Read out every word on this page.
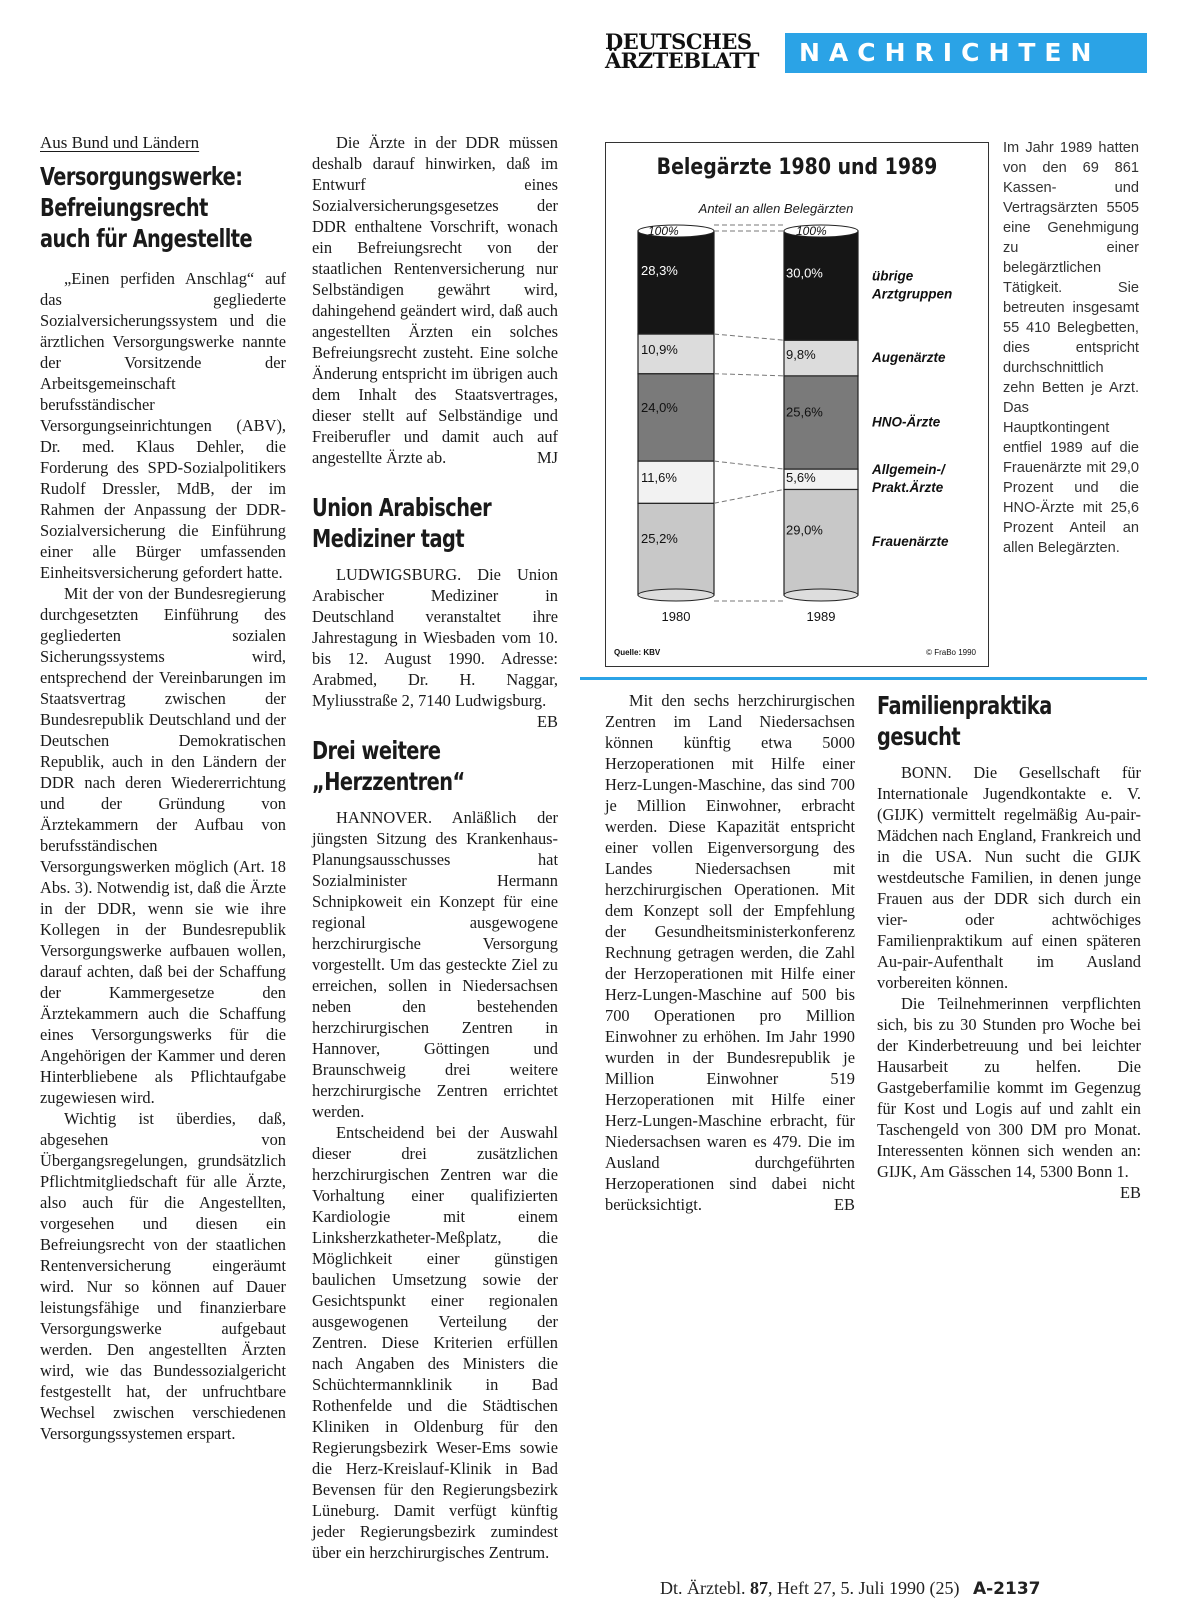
DEUTSCHES
ÄRZTEBLATT	NACHRICHTEN
Aus Bund und Ländern
Versorgungswerke:
Befreiungsrecht
auch für Angestellte

„Einen perfiden Anschlag“ auf das gegliederte Sozialversicherungssystem und die ärztlichen Versorgungswerke nannte der Vorsitzende der Arbeitsgemeinschaft berufsständischer Versorgungseinrichtungen (ABV), Dr. med. Klaus Dehler, die Forderung des SPD-Sozialpolitikers Rudolf Dressler, MdB, der im Rahmen der Anpassung der DDR-Sozialversicherung die Einführung einer alle Bürger umfassenden Einheitsversicherung gefordert hatte.

Mit der von der Bundesregierung durchgesetzten Einführung des gegliederten sozialen Sicherungssystems wird, entsprechend der Vereinbarungen im Staatsvertrag zwischen der Bundesrepublik Deutschland und der Deutschen Demokratischen Republik, auch in den Ländern der DDR nach deren Wiedererrichtung und der Gründung von Ärztekammern der Aufbau von berufsständischen Versorgungswerken möglich (Art. 18 Abs. 3). Notwendig ist, daß die Ärzte in der DDR, wenn sie wie ihre Kollegen in der Bundesrepublik Versorgungswerke aufbauen wollen, darauf achten, daß bei der Schaffung der Kammergesetze den Ärztekammern auch die Schaffung eines Versorgungswerks für die Angehörigen der Kammer und deren Hinterbliebene als Pflichtaufgabe zugewiesen wird.

Wichtig ist überdies, daß, abgesehen von Übergangsregelungen, grundsätzlich Pflichtmitgliedschaft für alle Ärzte, also auch für die Angestellten, vorgesehen und diesen ein Befreiungsrecht von der staatlichen Rentenversicherung eingeräumt wird. Nur so können auf Dauer leistungsfähige und finanzierbare Versorgungswerke aufgebaut werden. Den angestellten Ärzten wird, wie das Bundessozialgericht festgestellt hat, der unfruchtbare Wechsel zwischen verschiedenen Versorgungssystemen erspart.

Die Ärzte in der DDR müssen deshalb darauf hinwirken, daß im Entwurf eines Sozialversicherungsgesetzes der DDR enthaltene Vorschrift, wonach ein Befreiungsrecht von der staatlichen Rentenversicherung nur Selbständigen gewährt wird, dahingehend geändert wird, daß auch angestellten Ärzten ein solches Befreiungsrecht zusteht. Eine solche Änderung entspricht im übrigen auch dem Inhalt des Staatsvertrages, dieser stellt auf Selbständige und Freiberufler und damit auch auf angestellte Ärzte ab.	MJ

Union Arabischer
Mediziner tagt

LUDWIGSBURG. Die Union Arabischer Mediziner in Deutschland veranstaltet ihre Jahrestagung in Wiesbaden vom 10. bis 12. August 1990. Adresse: Arabmed, Dr. H. Naggar, Myliusstraße 2, 7140 Ludwigsburg.
EB

Drei weitere
„Herzzentren“

HANNOVER. Anläßlich der jüngsten Sitzung des Krankenhaus-Planungsausschusses hat Sozialminister Hermann Schnipkoweit ein Konzept für eine regional ausgewogene herzchirurgische Versorgung vorgestellt. Um das gesteckte Ziel zu erreichen, sollen in Niedersachsen neben den bestehenden herzchirurgischen Zentren in Hannover, Göttingen und Braunschweig drei weitere herzchirurgische Zentren errichtet werden.

Entscheidend bei der Auswahl dieser drei zusätzlichen herzchirurgischen Zentren war die Vorhaltung einer qualifizierten Kardiologie mit einem Linksherzkatheter-Meßplatz, die Möglichkeit einer günstigen baulichen Umsetzung sowie der Gesichtspunkt einer regionalen ausgewogenen Verteilung der Zentren. Diese Kriterien erfüllen nach Angaben des Ministers die Schüchtermannklinik in Bad Rothenfelde und die Städtischen Kliniken in Oldenburg für den Regierungsbezirk Weser-Ems sowie die Herz-Kreislauf-Klinik in Bad Bevensen für den Regierungsbezirk Lüneburg. Damit verfügt künftig jeder Regierungsbezirk zumindest über ein herzchirurgisches Zentrum.

Belegärzte 1980 und 1989
Anteil an allen Belegärzten
25,2%
29,0%
11,6%	5,6%
24,0%	25,6%
10,9%	9,8%
28,3%	30,0%
100%	100%
Frauenärzte
Allgemein-/
Prakt.Ärzte
HNO-Ärzte
Augenärzte
übrige
Arztgruppen
1980	1989
Quelle: KBV	© FraBo 1990
Im Jahr 1989 hatten von den 69 861 Kassen- und Vertragsärzten 5505 eine Genehmigung zu einer belegärztlichen Tätigkeit. Sie betreuten insgesamt 55 410 Belegbetten, dies entspricht durchschnittlich zehn Betten je Arzt. Das Hauptkontingent entfiel 1989 auf die Frauenärzte mit 29,0 Prozent und die HNO-Ärzte mit 25,6 Prozent Anteil an allen Belegärzten.

Mit den sechs herzchirurgischen Zentren im Land Niedersachsen können künftig etwa 5000 Herzoperationen mit Hilfe einer Herz-Lungen-Maschine, das sind 700 je Million Einwohner, erbracht werden. Diese Kapazität entspricht einer vollen Eigenversorgung des Landes Niedersachsen mit herzchirurgischen Operationen. Mit dem Konzept soll der Empfehlung der Gesundheitsministerkonferenz Rechnung getragen werden, die Zahl der Herzoperationen mit Hilfe einer Herz-Lungen-Maschine auf 500 bis 700 Operationen pro Million Einwohner zu erhöhen. Im Jahr 1990 wurden in der Bundesrepublik je Million Einwohner 519 Herzoperationen mit Hilfe einer Herz-Lungen-Maschine erbracht, für Niedersachsen waren es 479. Die im Ausland durchgeführten Herzoperationen sind dabei nicht berücksichtigt.	EB

Familienpraktika
gesucht

BONN. Die Gesellschaft für Internationale Jugendkontakte e. V. (GIJK) vermittelt regelmäßig Au-pair-Mädchen nach England, Frankreich und in die USA. Nun sucht die GIJK westdeutsche Familien, in denen junge Frauen aus der DDR sich durch ein vier- oder achtwöchiges Familienpraktikum auf einen späteren Au-pair-Aufenthalt im Ausland vorbereiten können.

Die Teilnehmerinnen verpflichten sich, bis zu 30 Stunden pro Woche bei der Kinderbetreuung und bei leichter Hausarbeit zu helfen. Die Gastgeberfamilie kommt im Gegenzug für Kost und Logis auf und zahlt ein Taschengeld von 300 DM pro Monat. Interessenten können sich wenden an: GIJK, Am Gässchen 14, 5300 Bonn 1.
EB

Dt. Ärztebl. 87, Heft 27, 5. Juli 1990 (25) A-2137
